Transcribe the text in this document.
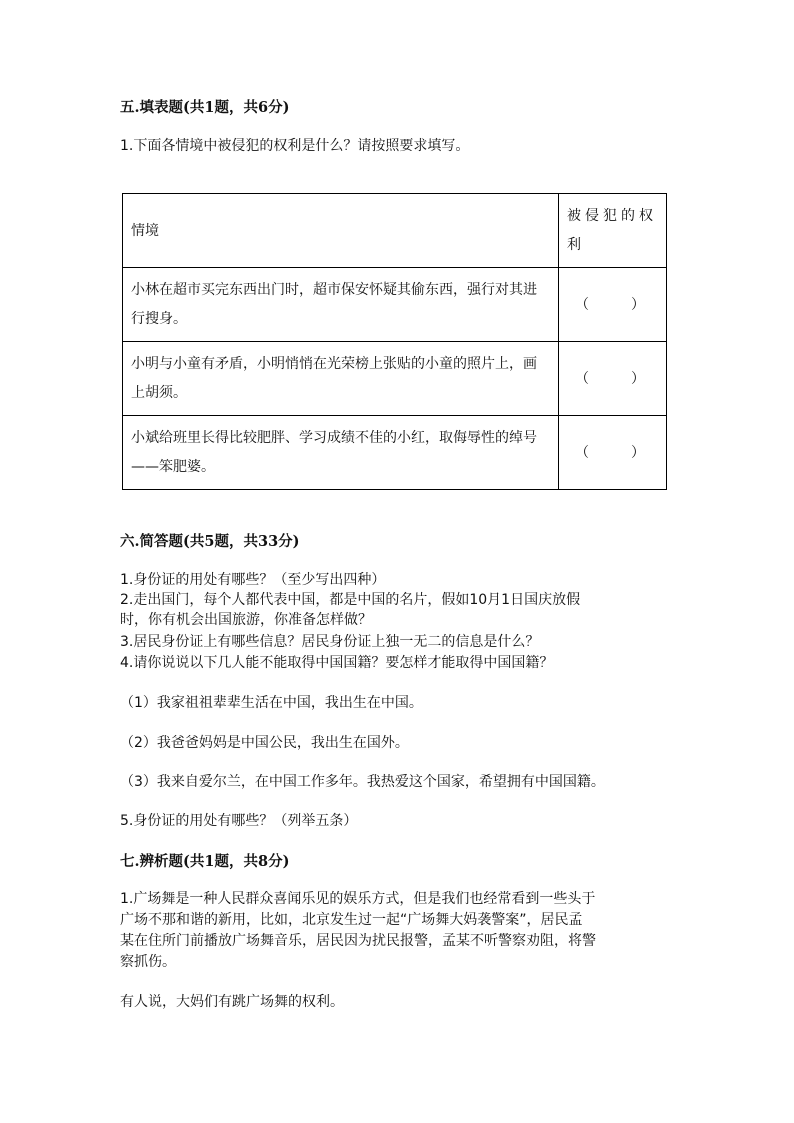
五.填表题(共1题，共6分)
1.下面各情境中被侵犯的权利是什么？请按照要求填写。
情境	被侵犯的权利
小林在超市买完东西出门时，超市保安怀疑其偷东西，强行对其进行搜身。	（　　　）
小明与小童有矛盾，小明悄悄在光荣榜上张贴的小童的照片上，画上胡须。	（　　　）
小斌给班里长得比较肥胖、学习成绩不佳的小红，取侮辱性的绰号——笨肥婆。	（　　　）
六.简答题(共5题，共33分)
1.身份证的用处有哪些？（至少写出四种）
2.走出国门，每个人都代表中国，都是中国的名片，假如10月1日国庆放假
时，你有机会出国旅游，你准备怎样做？
3.居民身份证上有哪些信息？居民身份证上独一无二的信息是什么？
4.请你说说以下几人能不能取得中国国籍？要怎样才能取得中国国籍？
（1）我家祖祖辈辈生活在中国，我出生在中国。
（2）我爸爸妈妈是中国公民，我出生在国外。
（3）我来自爱尔兰，在中国工作多年。我热爱这个国家，希望拥有中国国籍。
5.身份证的用处有哪些？（列举五条）
七.辨析题(共1题，共8分)
1.广场舞是一种人民群众喜闻乐见的娱乐方式，但是我们也经常看到一些头于
广场不那和谐的新用，比如，北京发生过一起“广场舞大妈袭警案”，居民孟
某在住所门前播放广场舞音乐，居民因为扰民报警，孟某不听警察劝阻，将警
察抓伤。
有人说，大妈们有跳广场舞的权利。
